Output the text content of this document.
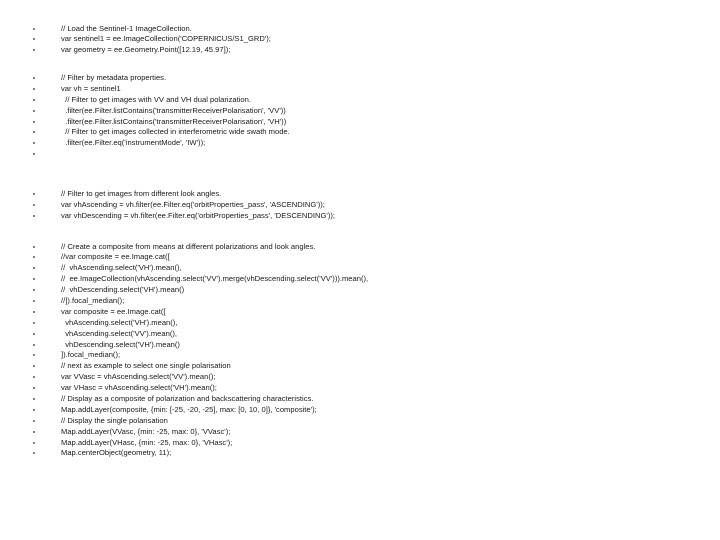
// Load the Sentinel-1 ImageCollection.
var sentinel1 = ee.ImageCollection('COPERNICUS/S1_GRD');
var geometry = ee.Geometry.Point([12.19, 45.97]);
// Filter by metadata properties.
var vh = sentinel1
// Filter to get images with VV and VH dual polarization.
.filter(ee.Filter.listContains('transmitterReceiverPolarisation', 'VV'))
.filter(ee.Filter.listContains('transmitterReceiverPolarisation', 'VH'))
// Filter to get images collected in interferometric wide swath mode.
.filter(ee.Filter.eq('instrumentMode', 'IW'));
// Filter to get images from different look angles.
var vhAscending = vh.filter(ee.Filter.eq('orbitProperties_pass', 'ASCENDING'));
var vhDescending = vh.filter(ee.Filter.eq('orbitProperties_pass', 'DESCENDING'));
// Create a composite from means at different polarizations and look angles.
//var composite = ee.Image.cat([
//  vhAscending.select('VH').mean(),
//  ee.ImageCollection(vhAscending.select('VV').merge(vhDescending.select('VV'))).mean(),
//  vhDescending.select('VH').mean()
//]).focal_median();
var composite = ee.Image.cat([
vhAscending.select('VH').mean(),
vhAscending.select('VV').mean(),
vhDescending.select('VH').mean()
]).focal_median();
// next as example to select one single polarisation
var VVasc = vhAscending.select('VV').mean();
var VHasc = vhAscending.select('VH').mean();
// Display as a composite of polarization and backscattering characteristics.
Map.addLayer(composite, {min: [-25, -20, -25], max: [0, 10, 0]}, 'composite');
// Display the single polarisation
Map.addLayer(VVasc, {min: -25, max: 0}, 'VVasc');
Map.addLayer(VHasc, {min: -25, max: 0}, 'VHasc');
Map.centerObject(geometry, 11);
